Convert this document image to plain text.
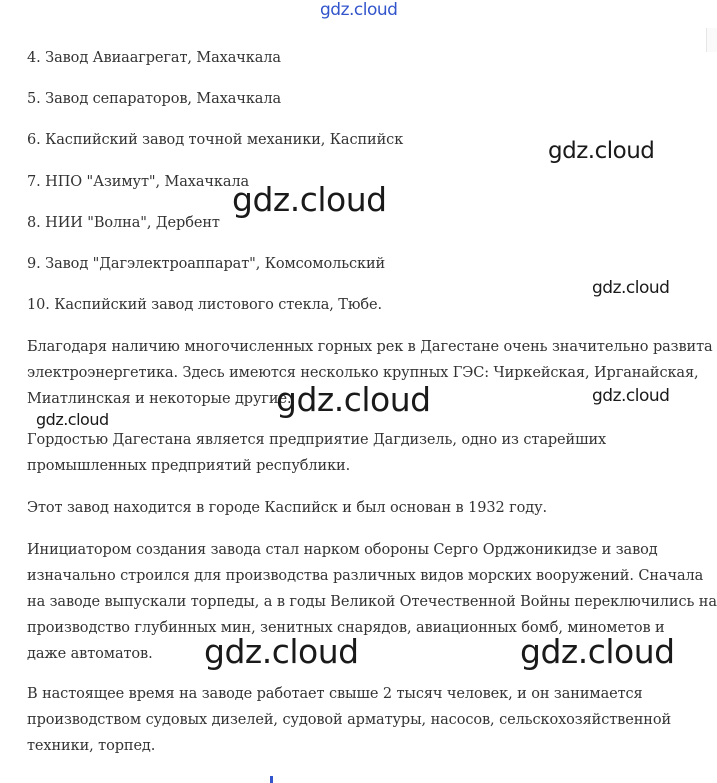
gdz.cloud
4. Завод Авиаагрегат, Махачкала
5. Завод сепараторов, Махачкала
6. Каспийский завод точной механики, Каспийск
7. НПО "Азимут", Махачкала
8. НИИ "Волна", Дербент
9. Завод "Дагэлектроаппарат", Комсомольский
10. Каспийский завод листового стекла, Тюбе.
Благодаря наличию многочисленных горных рек в Дагестане очень значительно развита
электроэнергетика. Здесь имеются несколько крупных ГЭС: Чиркейская, Ирганайская,
Миатлинская и некоторые другие.
Гордостью Дагестана является предприятие Дагдизель, одно из старейших
промышленных предприятий республики.
Этот завод находится в городе Каспийск и был основан в 1932 году.
Инициатором создания завода стал нарком обороны Серго Орджоникидзе и завод
изначально строился для производства различных видов морских вооружений. Сначала
на заводе выпускали торпеды, а в годы Великой Отечественной Войны переключились на
производство глубинных мин, зенитных снарядов, авиационных бомб, минометов и
даже автоматов.
В настоящее время на заводе работает свыше 2 тысяч человек, и он занимается
производством судовых дизелей, судовой арматуры, насосов, сельскохозяйственной
техники, торпед.
gdz.cloud
gdz.cloud
gdz.cloud
gdz.cloud	gdz.cloud
gdz.cloud
gdz.cloud	gdz.cloud
